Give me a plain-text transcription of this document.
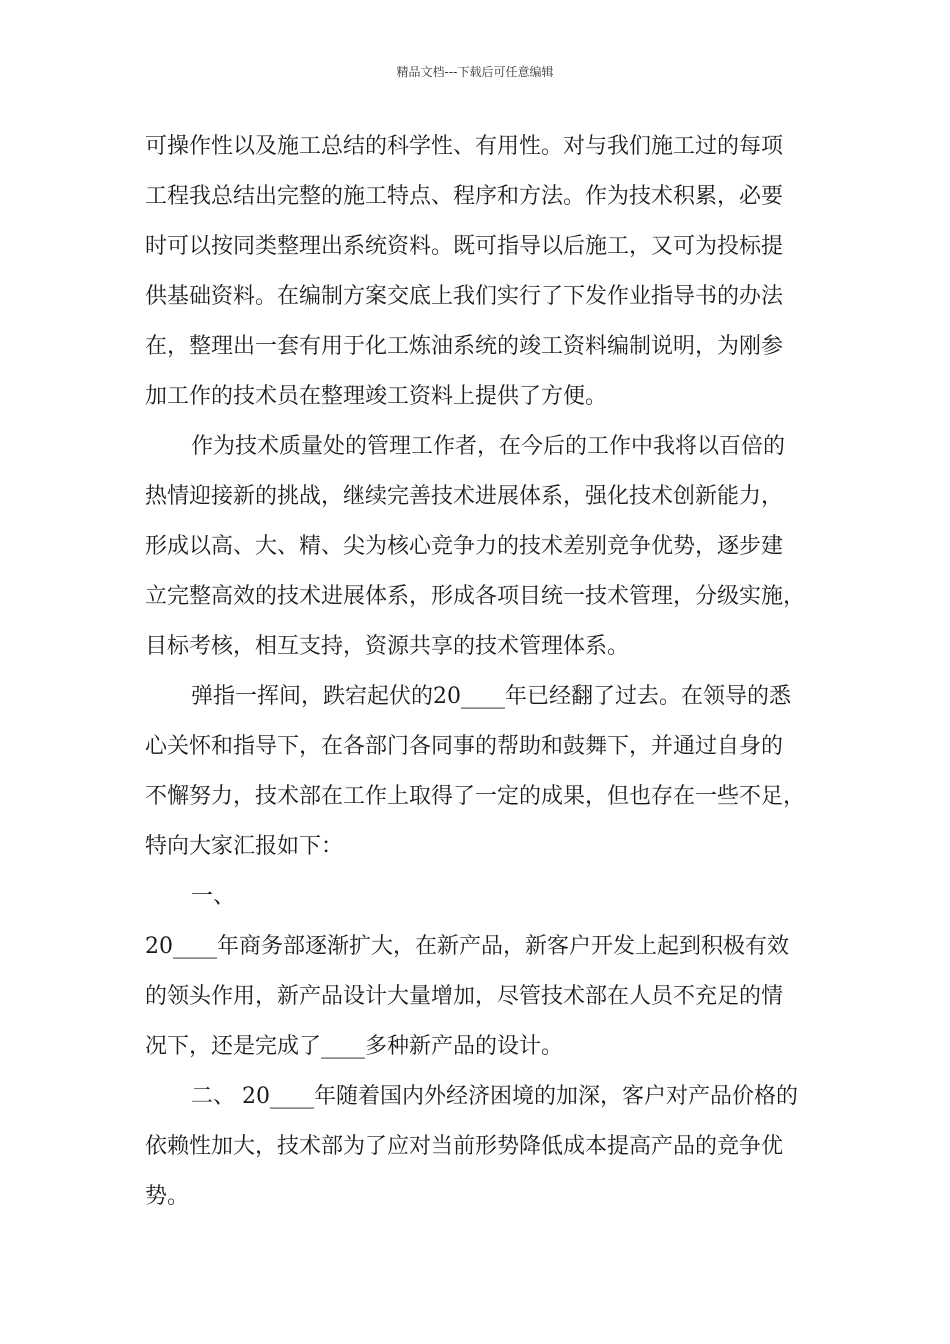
精品文档---下载后可任意编辑
可操作性以及施工总结的科学性、有用性。对与我们施工过的每项
工程我总结出完整的施工特点、程序和方法。作为技术积累，必要
时可以按同类整理出系统资料。既可指导以后施工，又可为投标提
供基础资料。在编制方案交底上我们实行了下发作业指导书的办法
在，整理出一套有用于化工炼油系统的竣工资料编制说明，为刚参
加工作的技术员在整理竣工资料上提供了方便。
作为技术质量处的管理工作者，在今后的工作中我将以百倍的
热情迎接新的挑战，继续完善技术进展体系，强化技术创新能力，
形成以高、大、精、尖为核心竞争力的技术差别竞争优势，逐步建
立完整高效的技术进展体系，形成各项目统一技术管理，分级实施，
目标考核，相互支持，资源共享的技术管理体系。
弹指一挥间，跌宕起伏的20____年已经翻了过去。在领导的悉
心关怀和指导下，在各部门各同事的帮助和鼓舞下，并通过自身的
不懈努力，技术部在工作上取得了一定的成果，但也存在一些不足，
特向大家汇报如下：
一、
20____年商务部逐渐扩大，在新产品，新客户开发上起到积极有效
的领头作用，新产品设计大量增加，尽管技术部在人员不充足的情
况下，还是完成了____多种新产品的设计。
二、 20____年随着国内外经济困境的加深，客户对产品价格的
依赖性加大，技术部为了应对当前形势降低成本提高产品的竞争优
势。
